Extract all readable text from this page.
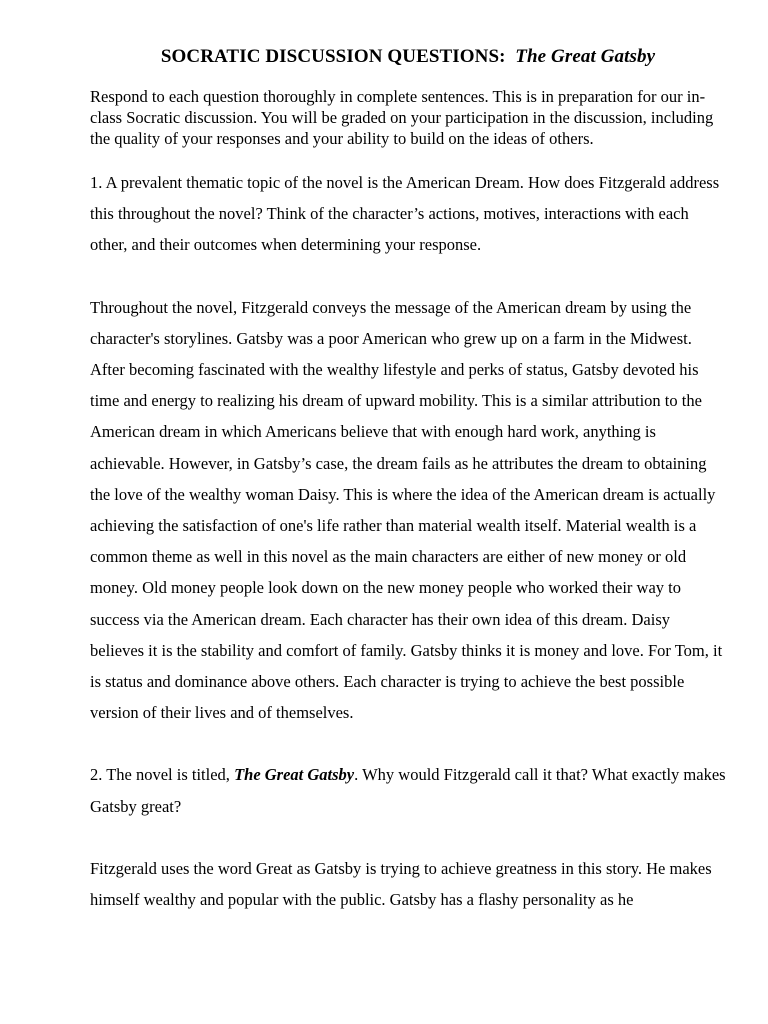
SOCRATIC DISCUSSION QUESTIONS: The Great Gatsby

Respond to each question thoroughly in complete sentences. This is in preparation for our in-class Socratic discussion. You will be graded on your participation in the discussion, including the quality of your responses and your ability to build on the ideas of others.

1. A prevalent thematic topic of the novel is the American Dream. How does Fitzgerald address this throughout the novel? Think of the character’s actions, motives, interactions with each other, and their outcomes when determining your response.

Throughout the novel, Fitzgerald conveys the message of the American dream by using the character's storylines. Gatsby was a poor American who grew up on a farm in the Midwest. After becoming fascinated with the wealthy lifestyle and perks of status, Gatsby devoted his time and energy to realizing his dream of upward mobility. This is a similar attribution to the American dream in which Americans believe that with enough hard work, anything is achievable. However, in Gatsby’s case, the dream fails as he attributes the dream to obtaining the love of the wealthy woman Daisy. This is where the idea of the American dream is actually achieving the satisfaction of one's life rather than material wealth itself. Material wealth is a common theme as well in this novel as the main characters are either of new money or old money. Old money people look down on the new money people who worked their way to success via the American dream. Each character has their own idea of this dream. Daisy believes it is the stability and comfort of family. Gatsby thinks it is money and love. For Tom, it is status and dominance above others. Each character is trying to achieve the best possible version of their lives and of themselves.

2. The novel is titled, The Great Gatsby. Why would Fitzgerald call it that? What exactly makes Gatsby great?

Fitzgerald uses the word Great as Gatsby is trying to achieve greatness in this story. He makes himself wealthy and popular with the public. Gatsby has a flashy personality as he
